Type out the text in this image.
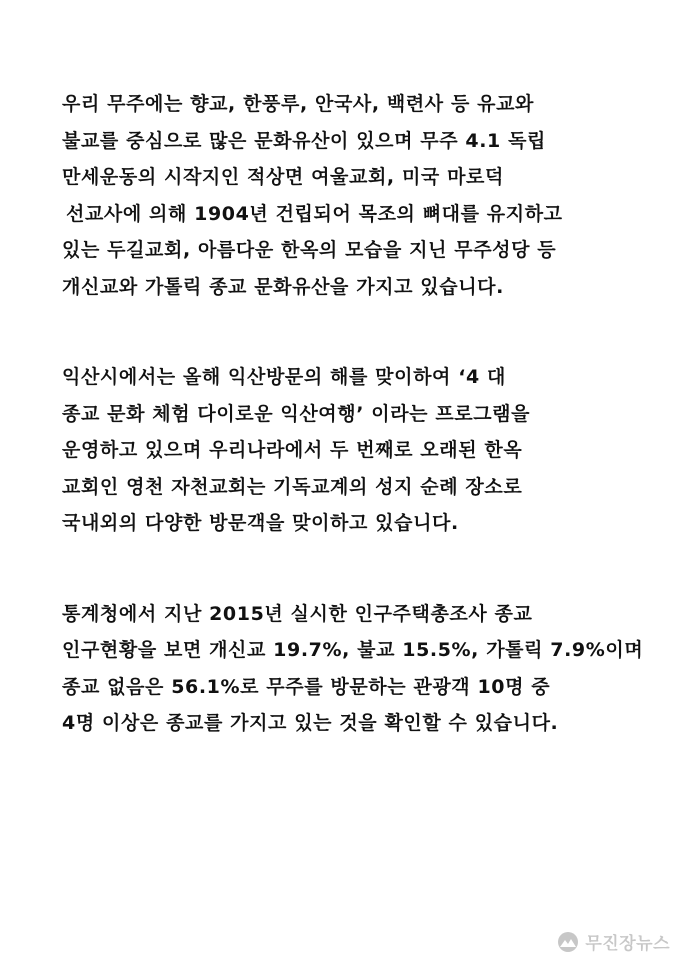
우리 무주에는 향교, 한풍루, 안국사, 백련사 등 유교와
불교를 중심으로 많은 문화유산이 있으며 무주 4.1 독립
만세운동의 시작지인 적상면 여울교회, 미국 마로덕
선교사에 의해 1904년 건립되어 목조의 뼈대를 유지하고
있는 두길교회, 아름다운 한옥의 모습을 지닌 무주성당 등
개신교와 가톨릭 종교 문화유산을 가지고 있습니다.
익산시에서는 올해 익산방문의 해를 맞이하여 ‘4 대
종교 문화 체험 다이로운 익산여행’ 이라는 프로그램을
운영하고 있으며 우리나라에서 두 번째로 오래된 한옥
교회인 영천 자천교회는 기독교계의 성지 순례 장소로
국내외의 다양한 방문객을 맞이하고 있습니다.
통계청에서 지난 2015년 실시한 인구주택총조사 종교
인구현황을 보면 개신교 19.7%, 불교 15.5%, 가톨릭 7.9%이며
종교 없음은 56.1%로 무주를 방문하는 관광객 10명 중
4명 이상은 종교를 가지고 있는 것을 확인할 수 있습니다.
무진장뉴스
